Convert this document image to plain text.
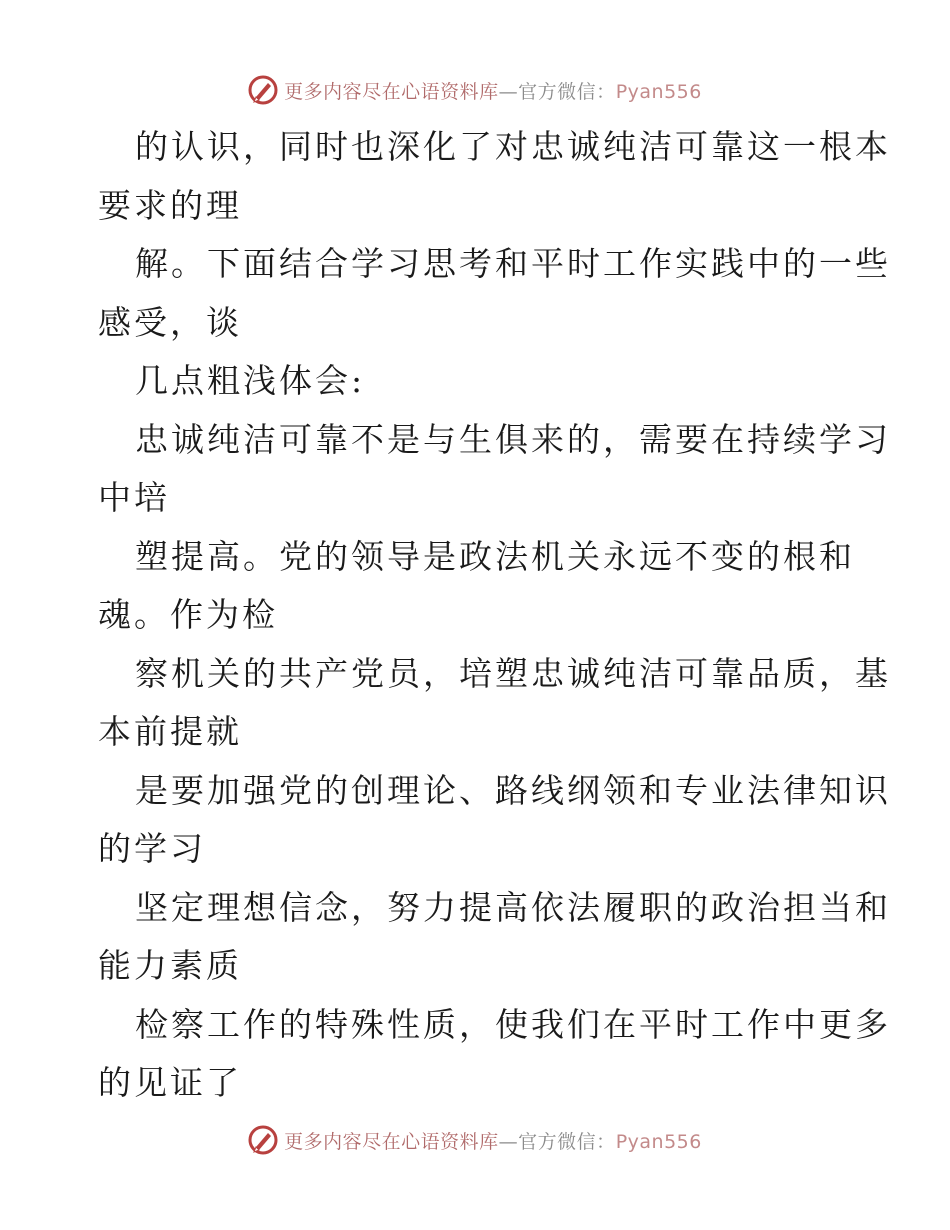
更多内容尽在心语资料库—官方微信：Pyan556
的认识，同时也深化了对忠诚纯洁可靠这一根本
要求的理
解。下面结合学习思考和平时工作实践中的一些
感受，谈
几点粗浅体会:
忠诚纯洁可靠不是与生俱来的，需要在持续学习
中培
塑提高。党的领导是政法机关永远不变的根和
魂。作为检
察机关的共产党员，培塑忠诚纯洁可靠品质，基
本前提就
是要加强党的创理论、路线纲领和专业法律知识
的学习
坚定理想信念，努力提高依法履职的政治担当和
能力素质
检察工作的特殊性质，使我们在平时工作中更多
的见证了
更多内容尽在心语资料库—官方微信：Pyan556
